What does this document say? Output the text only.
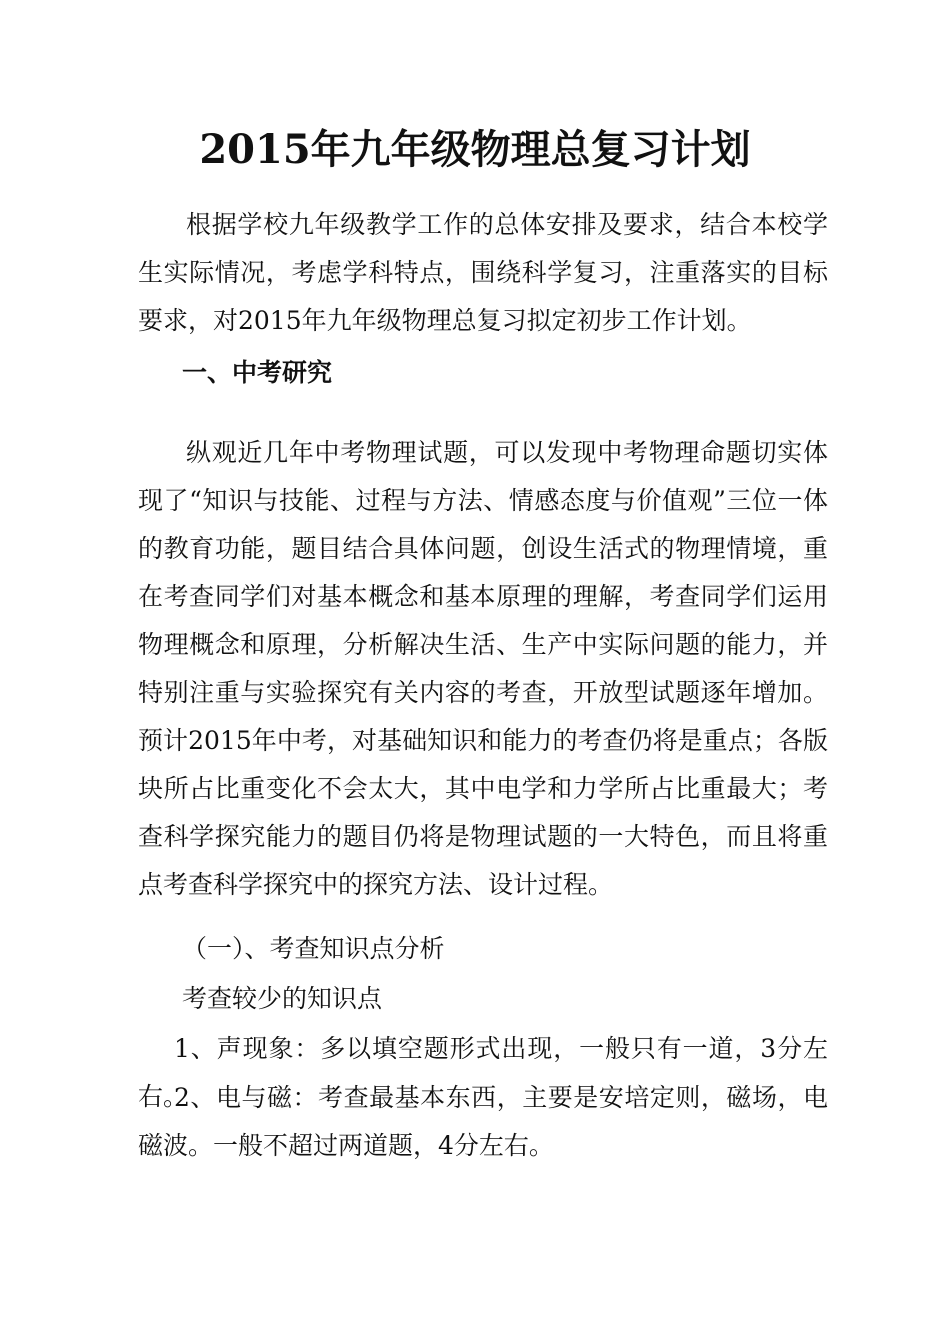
2015年九年级物理总复习计划

根据学校九年级教学工作的总体安排及要求，结合本校学生实际情况，考虑学科特点，围绕科学复习，注重落实的目标要求，对2015年九年级物理总复习拟定初步工作计划。

一、中考研究

纵观近几年中考物理试题，可以发现中考物理命题切实体现了“知识与技能、过程与方法、情感态度与价值观”三位一体的教育功能，题目结合具体问题，创设生活式的物理情境，重在考查同学们对基本概念和基本原理的理解，考查同学们运用物理概念和原理，分析解决生活、生产中实际问题的能力，并特别注重与实验探究有关内容的考查，开放型试题逐年增加。预计2015年中考，对基础知识和能力的考查仍将是重点；各版块所占比重变化不会太大，其中电学和力学所占比重最大；考查科学探究能力的题目仍将是物理试题的一大特色，而且将重点考查科学探究中的探究方法、设计过程。

（一）、考查知识点分析

考查较少的知识点

1、声现象：多以填空题形式出现，一般只有一道，3分左右。

2、电与磁：考查最基本东西，主要是安培定则，磁场，电磁波。一般不超过两道题，4分左右。
